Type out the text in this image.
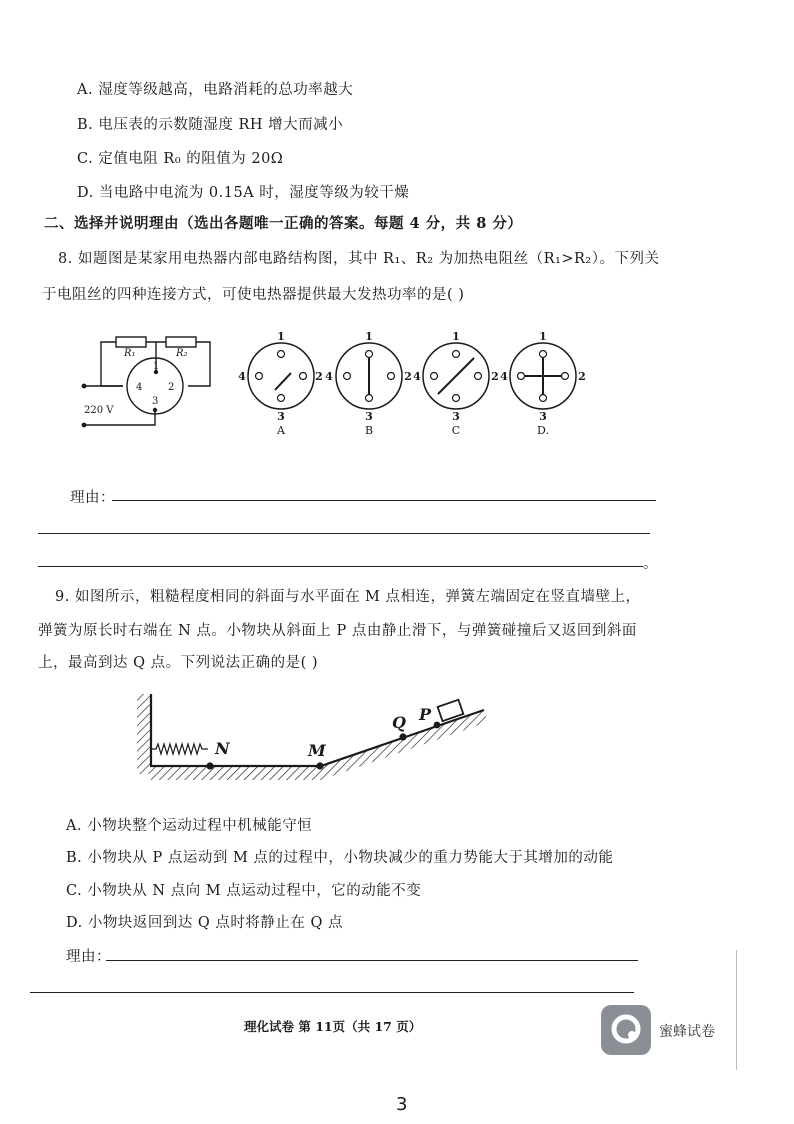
A. 湿度等级越高，电路消耗的总功率越大
B. 电压表的示数随湿度 RH 增大而减小
C. 定值电阻 R₀ 的阻值为 20Ω
D. 当电路中电流为 0.15A 时，湿度等级为较干燥
二、选择并说明理由（选出各题唯一正确的答案。每题 4 分，共 8 分）
8. 如题图是某家用电热器内部电路结构图，其中 R₁、R₂ 为加热电阻丝（R₁>R₂）。下列关
于电阻丝的四种连接方式，可使电热器提供最大发热功率的是( )
R₁	R₂
1
2
3
4
220 V
1
4	2
3
1
4	2
3
1
4	2
3
1
4	2
3
A	B	C	D.
理由：
。
9. 如图所示，粗糙程度相同的斜面与水平面在 M 点相连，弹簧左端固定在竖直墙壁上，
弹簧为原长时右端在 N 点。小物块从斜面上 P 点由静止滑下，与弹簧碰撞后又返回到斜面
上，最高到达 Q 点。下列说法正确的是( )
N	M
Q P
A. 小物块整个运动过程中机械能守恒
B. 小物块从 P 点运动到 M 点的过程中，小物块减少的重力势能大于其增加的动能
C. 小物块从 N 点向 M 点运动过程中，它的动能不变
D. 小物块返回到达 Q 点时将静止在 Q 点
理由：
理化试卷 第 11页（共 17 页）	蜜蜂试卷
3
